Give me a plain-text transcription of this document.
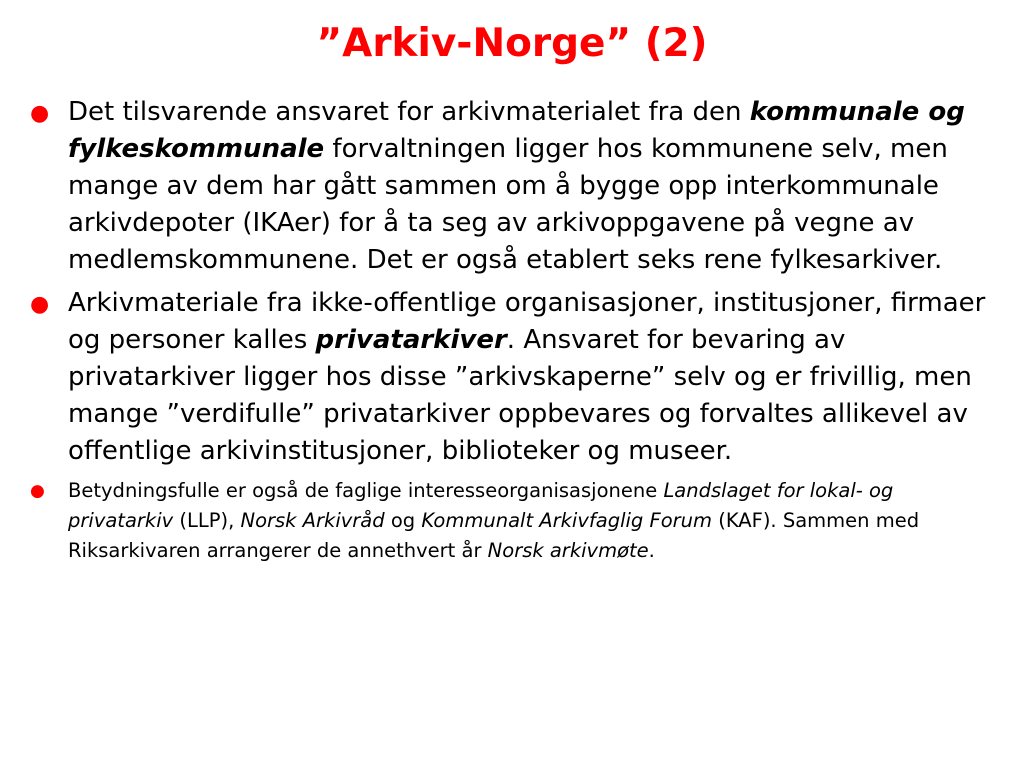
”Arkiv-Norge” (2)
● Det tilsvarende ansvaret for arkivmaterialet fra den kommunale og fylkeskommunale forvaltningen ligger hos kommunene selv, men mange av dem har gått sammen om å bygge opp interkommunale arkivdepoter (IKAer) for å ta seg av arkivoppgavene på vegne av medlemskommunene. Det er også etablert seks rene fylkesarkiver.
● Arkivmateriale fra ikke-offentlige organisasjoner, institusjoner, firmaer og personer kalles privatarkiver. Ansvaret for bevaring av privatarkiver ligger hos disse ”arkivskaperne” selv og er frivillig, men mange ”verdifulle” privatarkiver oppbevares og forvaltes allikevel av offentlige arkivinstitusjoner, biblioteker og museer.
● Betydningsfulle er også de faglige interesseorganisasjonene Landslaget for lokal- og privatarkiv (LLP), Norsk Arkivråd og Kommunalt Arkivfaglig Forum (KAF). Sammen med Riksarkivaren arrangerer de annethvert år Norsk arkivmøte.
